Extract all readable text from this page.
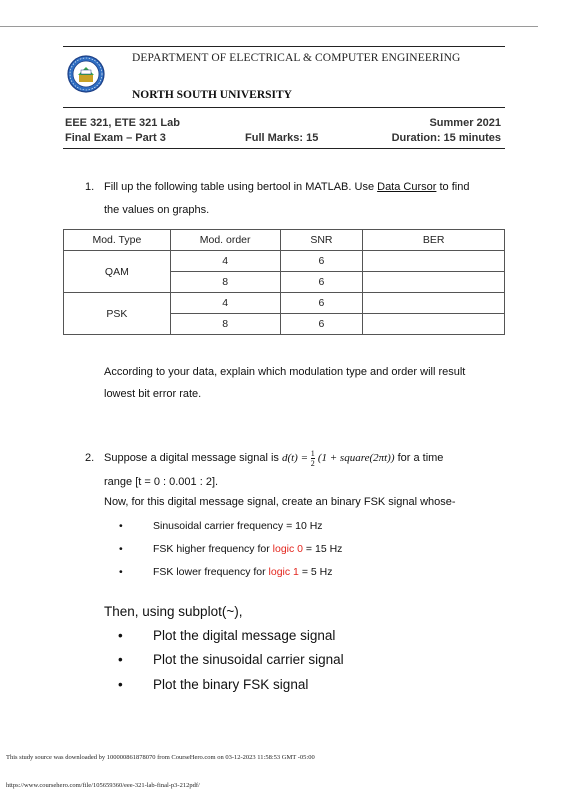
DEPARTMENT OF ELECTRICAL & COMPUTER ENGINEERING
NORTH SOUTH UNIVERSITY
EEE 321, ETE 321 Lab	Summer 2021
Final Exam – Part 3	Full Marks: 15	Duration: 15 minutes
1. Fill up the following table using bertool in MATLAB. Use Data Cursor to find
the values on graphs.
Mod. Type	Mod. order	SNR	BER
QAM	4	6	
	8	6	
PSK	4	6	
	8	6	
According to your data, explain which modulation type and order will result
lowest bit error rate.
2. Suppose a digital message signal is $d(t) = \frac{1}{2} (1$ + square(2πt)) for a time
range [t = 0 : 0.001 : 2].
Now, for this digital message signal, create an binary FSK signal whose-
•	Sinusoidal carrier frequency = 10 Hz
•	FSK higher frequency for logic 0 = 15 Hz
•	FSK lower frequency for logic 1 = 5 Hz
Then, using subplot(~),
• Plot the digital message signal
• Plot the sinusoidal carrier signal
• Plot the binary FSK signal
This study source was downloaded by 100000861878070 from CourseHero.com on 03-12-2023 11:58:53 GMT -05:00
https://www.coursehero.com/file/105659360/eee-321-lab-final-p3-212pdf/
